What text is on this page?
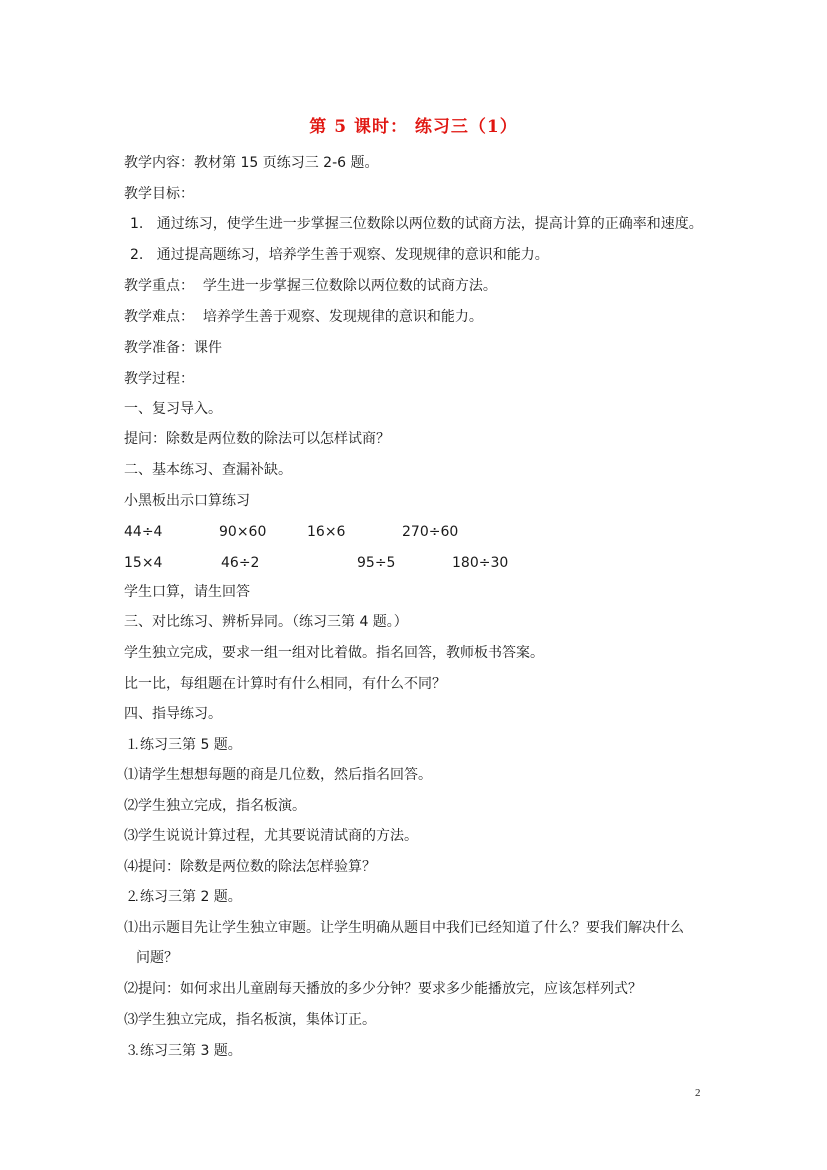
第 5 课时： 练习三（1）
教学内容：教材第 15 页练习三 2-6 题。
教学目标：
1.   通过练习，使学生进一步掌握三位数除以两位数的试商方法，提高计算的正确率和速度。
2.   通过提高题练习，培养学生善于观察、发现规律的意识和能力。
教学重点：  学生进一步掌握三位数除以两位数的试商方法。
教学难点：  培养学生善于观察、发现规律的意识和能力。
教学准备：课件
教学过程：
一、复习导入。
提问：除数是两位数的除法可以怎样试商？
二、基本练习、查漏补缺。
小黑板出示口算练习
44÷4	90×60	16×6	270÷60
15×4	46÷2	95÷5	180÷30
学生口算，请生回答
三、对比练习、辨析异同。（练习三第 4 题。）
学生独立完成，要求一组一组对比着做。指名回答，教师板书答案。
比一比，每组题在计算时有什么相同，有什么不同？
四、指导练习。
⒈练习三第 5 题。
⑴请学生想想每题的商是几位数，然后指名回答。
⑵学生独立完成，指名板演。
⑶学生说说计算过程，尤其要说清试商的方法。
⑷提问：除数是两位数的除法怎样验算？
⒉练习三第 2 题。
⑴出示题目先让学生独立审题。让学生明确从题目中我们已经知道了什么？要我们解决什么
问题？
⑵提问：如何求出儿童剧每天播放的多少分钟？要求多少能播放完，应该怎样列式？
⑶学生独立完成，指名板演，集体订正。
⒊练习三第 3 题。
2
